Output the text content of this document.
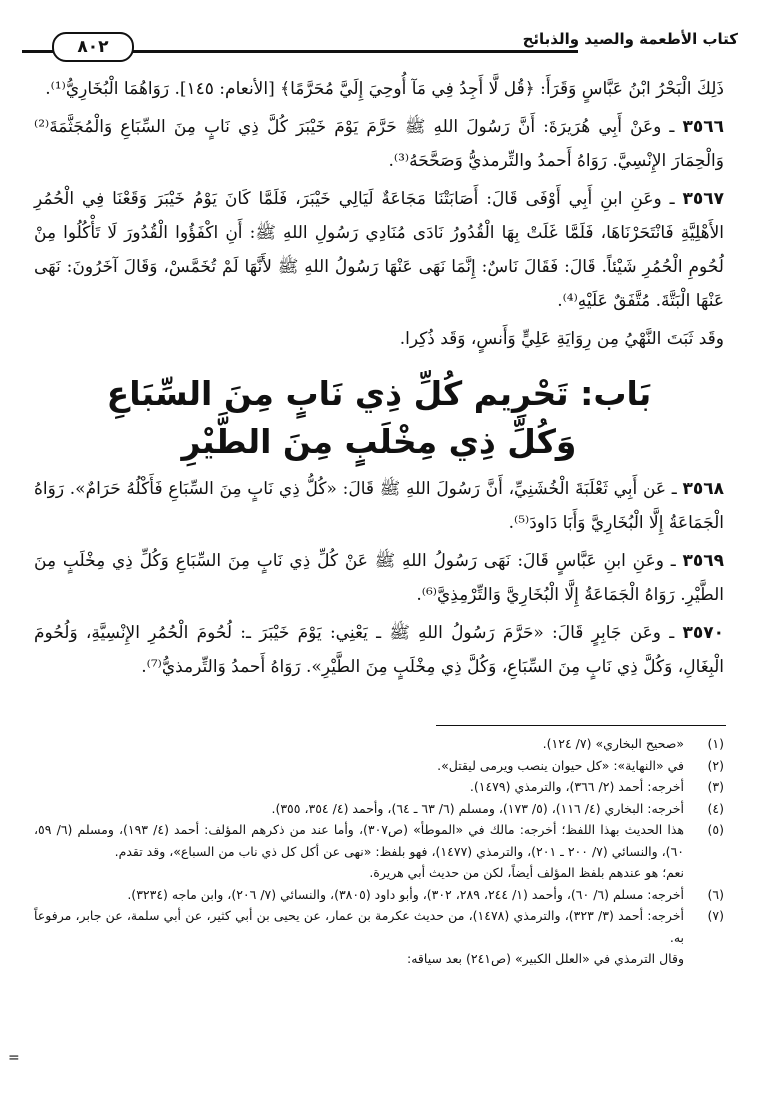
كتاب الأطعمة والصيد والذبائح
٨٠٢

ذَلِكَ الْبَحْرُ ابْنُ عَبَّاسٍ وَقَرَأَ: ﴿قُل لَّا أَجِدُ فِي مَآ أُوحِيَ إِلَيَّ مُحَرَّمًا﴾ [الأنعام: ١٤٥]. رَوَاهُمَا الْبُخَارِيُّ⁽¹⁾.

٣٥٦٦ ـ وعَنْ أَبِي هُرَيرَةَ: أَنَّ رَسُولَ اللهِ ﷺ حَرَّمَ يَوْمَ خَيْبَرَ كُلَّ ذِي نَابٍ مِنَ السِّبَاعِ وَالْمُجَثَّمَةَ⁽²⁾ وَالْحِمَارَ الإِنْسِيَّ. رَوَاهُ أَحمدُ والتِّرمذيُّ وَصَحَّحَهُ⁽³⁾.

٣٥٦٧ ـ وعَنِ ابنِ أَبِي أَوْفَى قَالَ: أَصَابَتْنَا مَجَاعَةٌ لَيَالِي خَيْبَرَ، فَلَمَّا كَانَ يَوْمُ خَيْبَرَ وَقَعْنَا فِي الْحُمُرِ الأَهْلِيَّةِ فَانْتَحَرْنَاهَا، فَلَمَّا غَلَتْ بِهَا الْقُدُورُ نَادَى مُنَادِي رَسُولِ اللهِ ﷺ: أَنِ اكْفَؤُوا الْقُدُورَ لَا تَأْكُلُوا مِنْ لُحُومِ الْحُمُرِ شَيْئاً. قَالَ: فَقَالَ نَاسٌ: إِنَّمَا نَهَى عَنْهَا رَسُولُ اللهِ ﷺ لأَنَّهَا لَمْ تُخَمَّسْ، وَقَالَ آخَرُونَ: نَهَى عَنْهَا الْبَتَّةَ. مُتَّفَقٌ عَلَيْهِ⁽⁴⁾.

وقَد ثَبَتَ النَّهْيُ مِن رِوَايَةِ عَلِيٍّ وَأَنسٍ، وَقَد ذُكِرا.

بَاب: تَحْرِيم كُلِّ ذِي نَابٍ مِنَ السِّبَاعِ
وَكُلِّ ذِي مِخْلَبٍ مِنَ الطَّيْرِ

٣٥٦٨ ـ عَن أَبِي ثَعْلَبَةَ الْخُشَنِيِّ، أَنَّ رَسُولَ اللهِ ﷺ قَالَ: «كُلُّ ذِي نَابٍ مِنَ السِّبَاعِ فَأَكْلُهُ حَرَامٌ». رَوَاهُ الْجَمَاعَةُ إِلَّا الْبُخَارِيَّ وَأَبَا دَاودَ⁽⁵⁾.

٣٥٦٩ ـ وعَنِ ابنِ عَبَّاسٍ قَالَ: نَهَى رَسُولُ اللهِ ﷺ عَنْ كُلِّ ذِي نَابٍ مِنَ السِّبَاعِ وَكُلِّ ذِي مِخْلَبٍ مِنَ الطَّيْرِ. رَوَاهُ الْجَمَاعَةُ إِلَّا الْبُخَارِيَّ وَالتِّرْمِذِيَّ⁽⁶⁾.

٣٥٧٠ ـ وعَن جَابِرٍ قَالَ: «حَرَّمَ رَسُولُ اللهِ ﷺ ـ يَعْنِي: يَوْمَ خَيْبَرَ ـ: لُحُومَ الْحُمُرِ الإِنْسِيَّةِ، وَلُحُومَ الْبِغَالِ، وَكُلَّ ذِي نَابٍ مِنَ السِّبَاعِ، وَكُلَّ ذِي مِخْلَبٍ مِنَ الطَّيْرِ». رَوَاهُ أَحمدُ وَالتِّرمذيُّ⁽⁷⁾.

(١)
«صحيح البخاري» (٧/ ١٢٤).
(٢)
في «النهاية»: «كل حيوان ينصب ويرمى ليقتل».
(٣)
أخرجه: أحمد (٢/ ٣٦٦)، والترمذي (١٤٧٩).
(٤)
أخرجه: البخاري (٤/ ١١٦)، (٥/ ١٧٣)، ومسلم (٦/ ٦٣ ـ ٦٤)، وأحمد (٤/ ٣٥٤، ٣٥٥).
(٥)
هذا الحديث بهذا اللفظ؛ أخرجه: مالك في «الموطأ» (ص٣٠٧)، وأما عند من ذكرهم المؤلف: أحمد (٤/ ١٩٣)، ومسلم (٦/ ٥٩، ٦٠)، والنسائي (٧/ ٢٠٠ ـ ٢٠١)، والترمذي (١٤٧٧)، فهو بلفظ: «نهى عن أكل كل ذي ناب من السباع»، وقد تقدم.
نعم؛ هو عندهم بلفظ المؤلف أيضاً، لكن من حديث أبي هريرة.
(٦)
أخرجه: مسلم (٦/ ٦٠)، وأحمد (١/ ٢٤٤، ٢٨٩، ٣٠٢)، وأبو داود (٣٨٠٥)، والنسائي (٧/ ٢٠٦)، وابن ماجه (٣٢٣٤).
(٧)
أخرجه: أحمد (٣/ ٣٢٣)، والترمذي (١٤٧٨)، من حديث عكرمة بن عمار، عن يحيى بن أبي كثير، عن أبي سلمة، عن جابر، مرفوعاً به.
وقال الترمذي في «العلل الكبير» (ص٢٤١) بعد سياقه:
=
